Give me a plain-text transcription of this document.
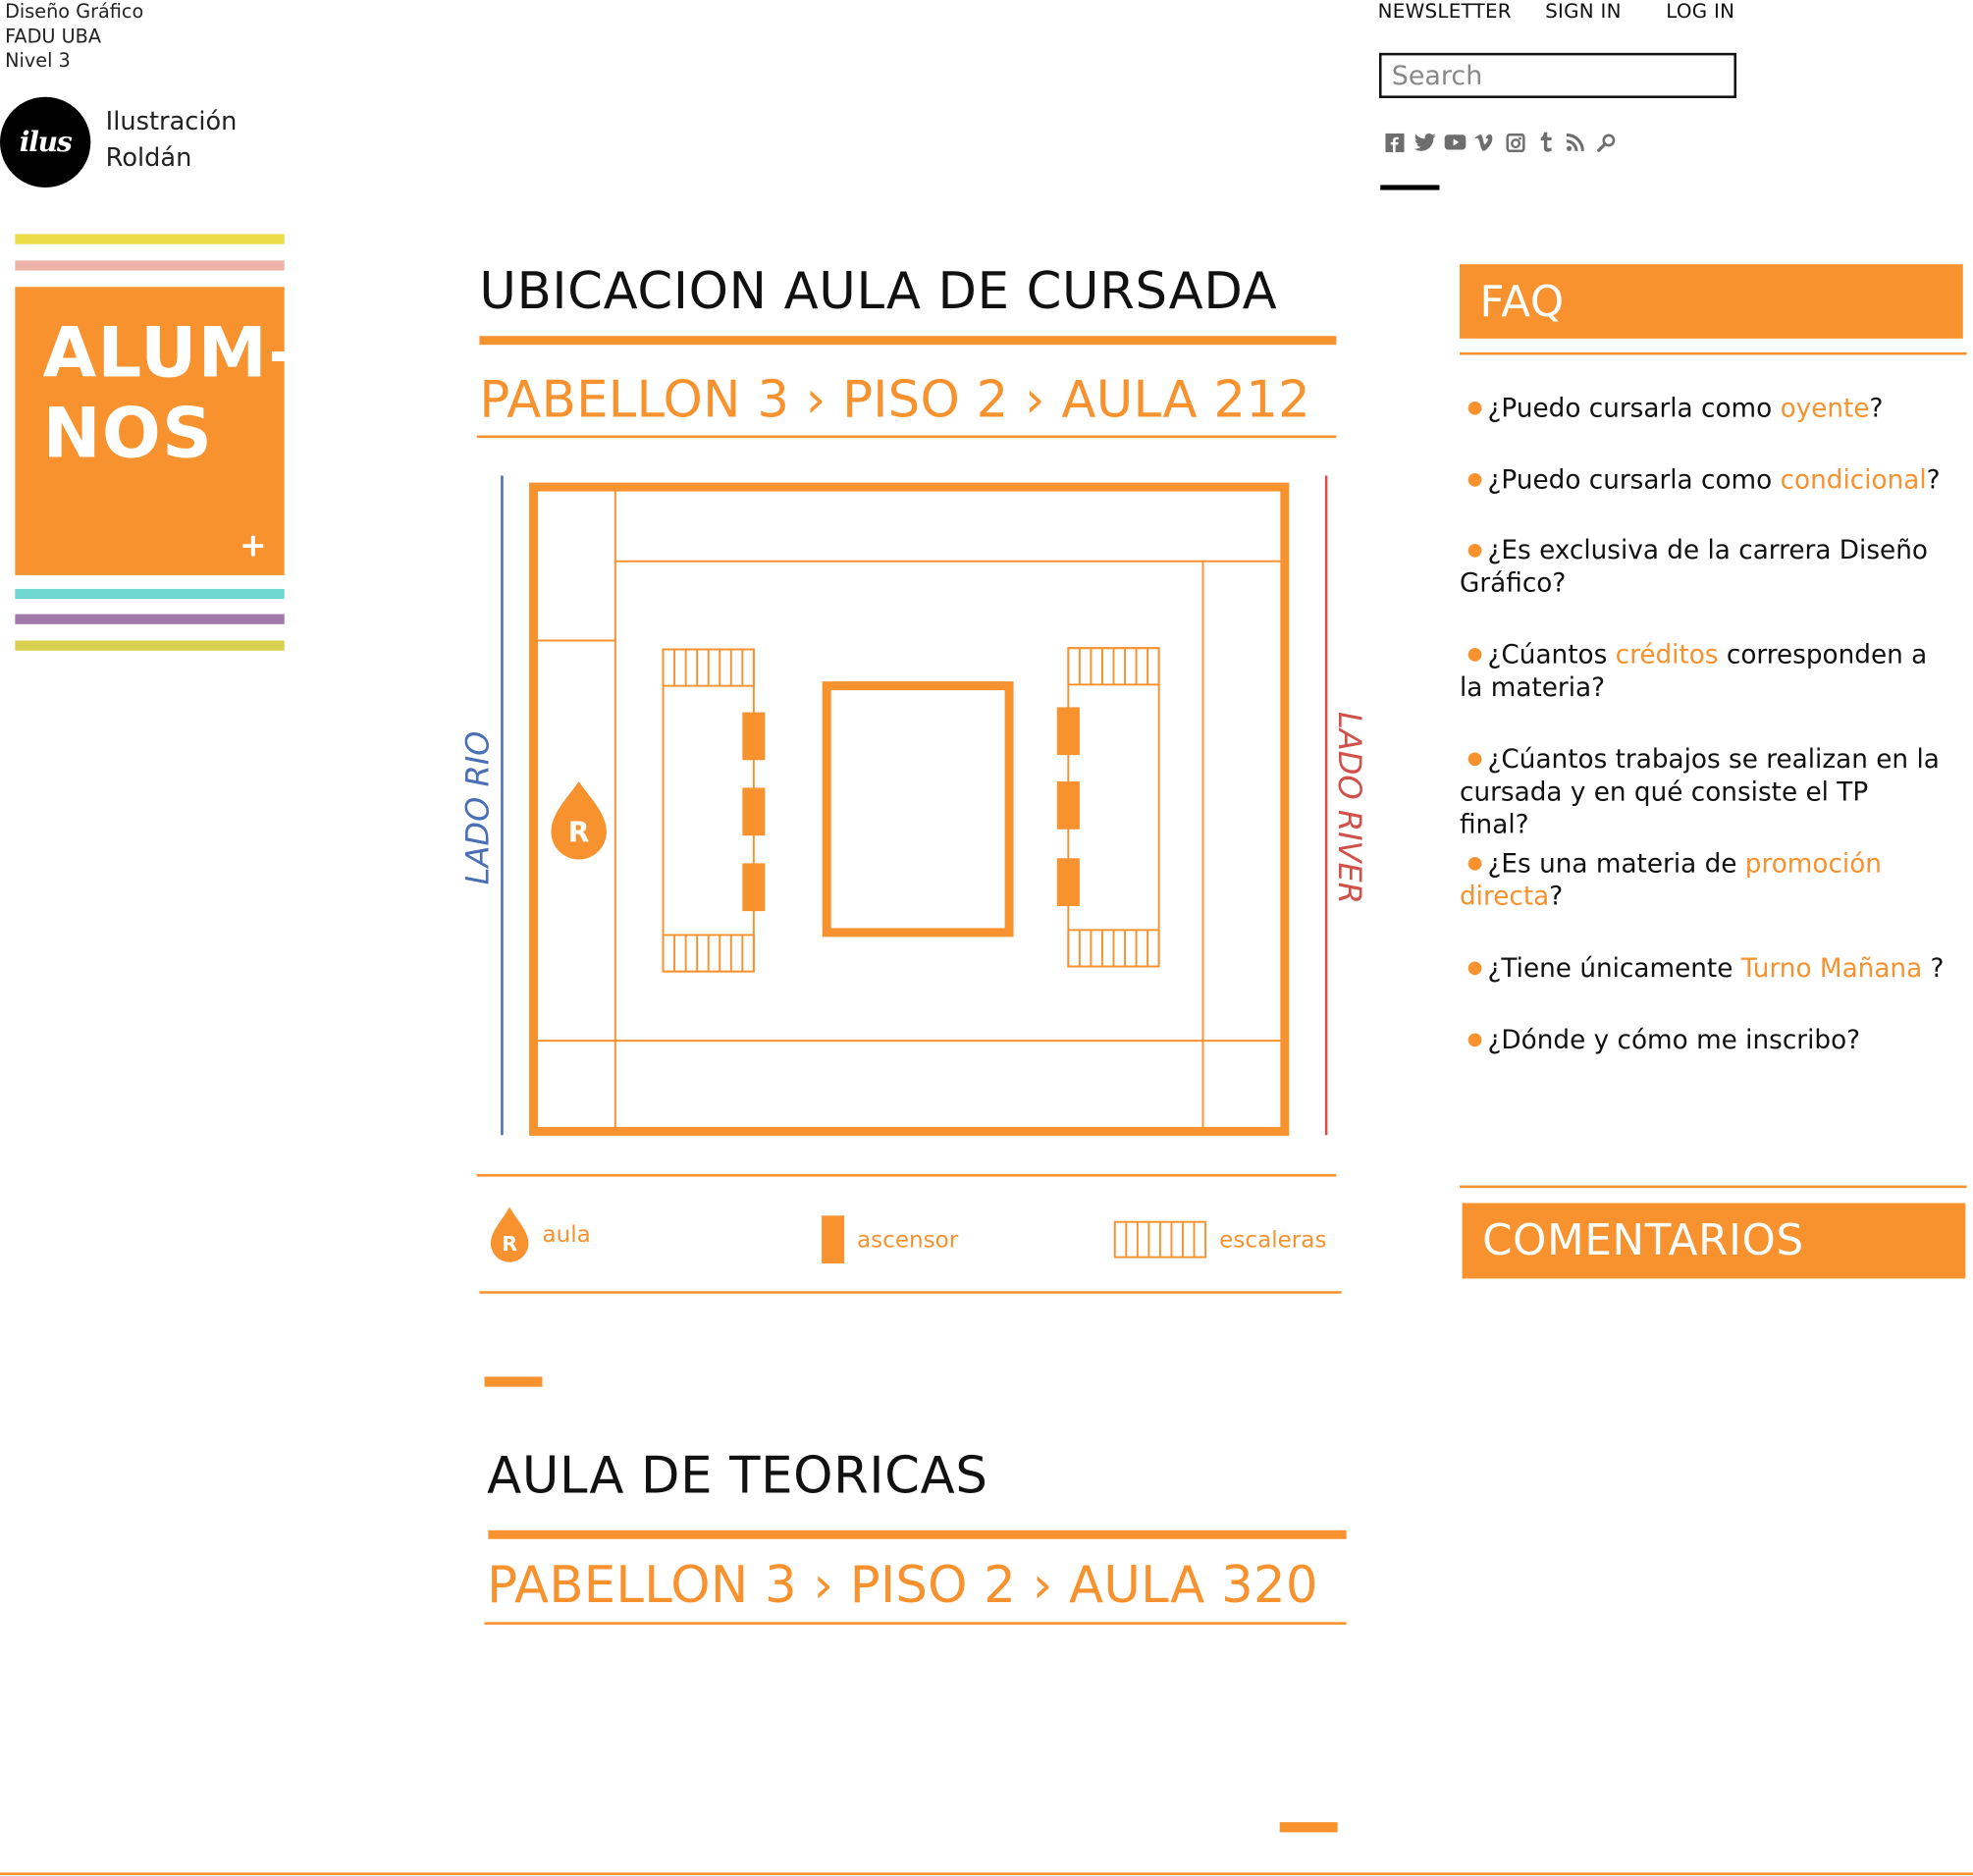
Diseño Gráfico
FADU UBA
Nivel 3
ilus
Ilustración
Roldán
NEWSLETTER SIGN IN	LOG IN
Search
ALUM-
NOS
+
UBICACION AULA DE CURSADA
PABELLON 3 › PISO 2 › AULA 212
LADO RIO	LADO RIVER
R
R aula	ascensor	escaleras
AULA DE TEORICAS
PABELLON 3 › PISO 2 › AULA 320
FAQ
● ¿Puedo cursarla como oyente?
● ¿Puedo cursarla como condicional?
● ¿Es exclusiva de la carrera Diseño Gráfico?
● ¿Cúantos créditos corresponden a la materia?
● ¿Cúantos trabajos se realizan en la cursada y en qué consiste el TP final?
● ¿Es una materia de promoción directa?
● ¿Tiene únicamente Turno Mañana ?
● ¿Dónde y cómo me inscribo?
COMENTARIOS
